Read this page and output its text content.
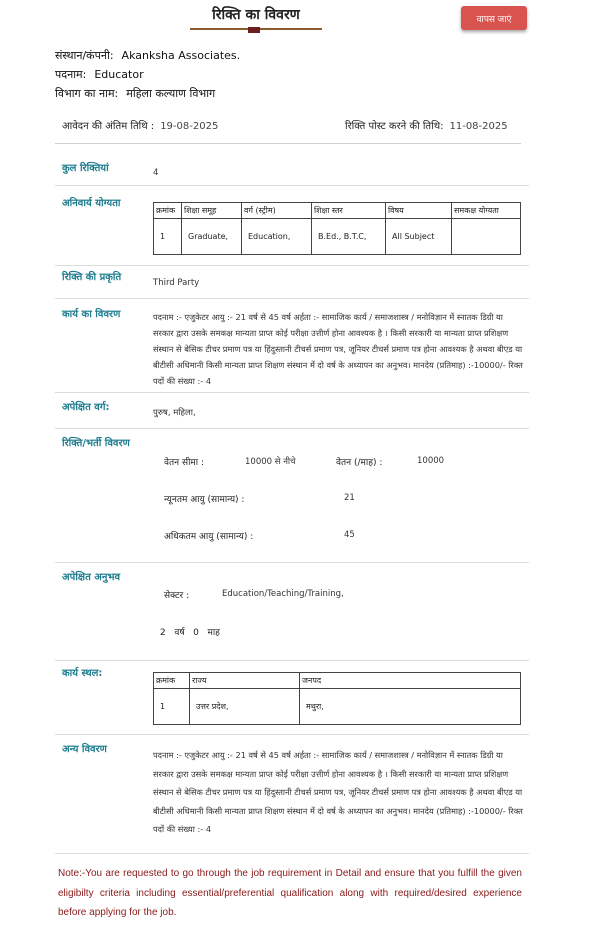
रिक्ति का विवरण	वापस जाएं
संस्थान/कंपनी: Akanksha Associates.
पदनाम: Educator
विभाग का नाम: महिला कल्याण विभाग
आवेदन की अंतिम तिथि : 19-08-2025	रिक्ति पोस्ट करने की तिथि: 11-08-2025
कुल रिक्तियां	4
अनिवार्य योग्यता
क्रमांक	शिक्षा समूह	वर्ग (स्ट्रीम)	शिक्षा स्तर	विषय	समकक्ष योग्यता
1	Graduate,	Education,	B.Ed., B.T.C,	All Subject	
रिक्ति की प्रकृति	Third Party
कार्य का विवरण	पदनाम :- एजुकेटर आयु :- 21 वर्ष से 45 वर्ष अर्हता :- सामाजिक कार्य / समाजशास्त्र / मनोविज्ञान में स्नातक डिग्री या सरकार द्वारा उसके समकक्ष मान्यता प्राप्त कोई परीक्षा उत्तीर्ण होना आवश्यक है । किसी सरकारी या मान्यता प्राप्त प्रशिक्षण संस्थान से बेसिक टीचर प्रमाण पत्र या हिंदुस्तानी टीचर्स प्रमाण पत्र, जूनियर टीचर्स प्रमाण पत्र होना आवश्यक है अथवा बीएड या बीटीसी अधिमानी किसी मान्यता प्राप्त शिक्षण संस्थान में दो वर्ष के अध्यापन का अनुभव। मानदेय (प्रतिमाह) :-10000/- रिक्त पदों की संख्या :- 4
अपेक्षित वर्ग:	पुरुष, महिला,
रिक्ति/भर्ती विवरण
वेतन सीमा :	10000 से नीचे	वेतन (/माह) :	10000
न्यूनतम आयु (सामान्य) :	21
अधिकतम आयु (सामान्य) :	45
अपेक्षित अनुभव
सेक्टर :	Education/Teaching/Training,
2 वर्ष 0 माह
कार्य स्थल:
क्रमांक	राज्य	जनपद
1	उत्तर प्रदेश,	मथुरा,
अन्य विवरण	पदनाम :- एजुकेटर आयु :- 21 वर्ष से 45 वर्ष अर्हता :- सामाजिक कार्य / समाजशास्त्र / मनोविज्ञान में स्नातक डिग्री या सरकार द्वारा उसके समकक्ष मान्यता प्राप्त कोई परीक्षा उत्तीर्ण होना आवश्यक है । किसी सरकारी या मान्यता प्राप्त प्रशिक्षण संस्थान से बेसिक टीचर प्रमाण पत्र या हिंदुस्तानी टीचर्स प्रमाण पत्र, जूनियर टीचर्स प्रमाण पत्र होना आवश्यक है अथवा बीएड या बीटीसी अधिमानी किसी मान्यता प्राप्त शिक्षण संस्थान में दो वर्ष के अध्यापन का अनुभव। मानदेय (प्रतिमाह) :-10000/- रिक्त पदों की संख्या :- 4
Note:-You are requested to go through the job requirement in Detail and ensure that you fulfill the given eligibilty criteria including essential/preferential qualification along with required/desired experience before applying for the job.
